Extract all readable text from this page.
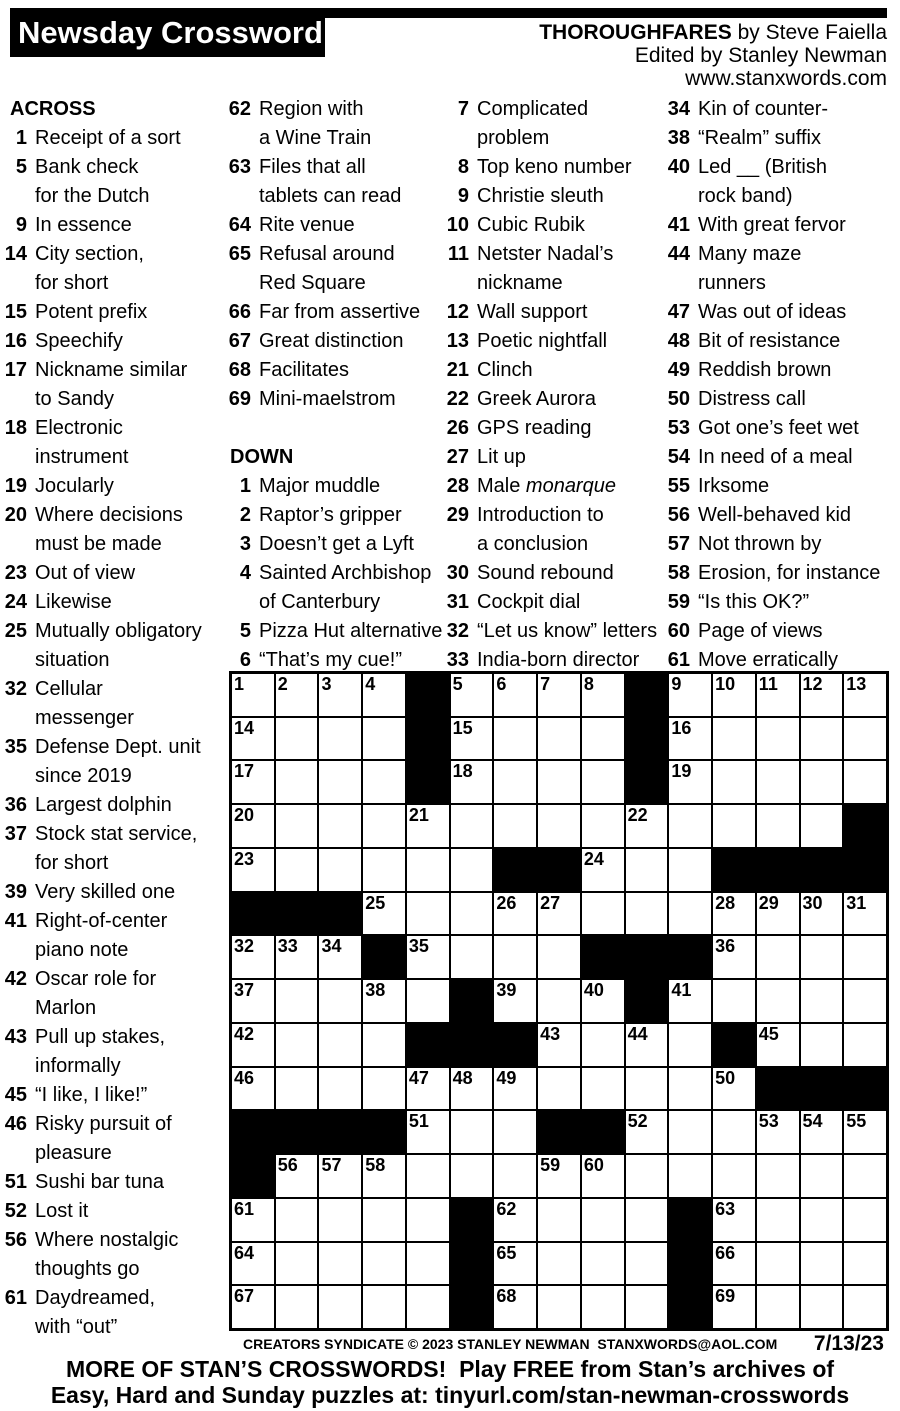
Newsday Crossword	THOROUGHFARES by Steve Faiella
Edited by Stanley Newman
www.stanxwords.com
ACROSS
1 Receipt of a sort
5 Bank check
for the Dutch
9 In essence
14 City section,
for short
15 Potent prefix
16 Speechify
17 Nickname similar
to Sandy
18 Electronic
instrument
19 Jocularly
20 Where decisions
must be made
23 Out of view
24 Likewise
25 Mutually obligatory
situation
32 Cellular
messenger
35 Defense Dept. unit
since 2019
36 Largest dolphin
37 Stock stat service,
for short
39 Very skilled one
41 Right-of-center
piano note
42 Oscar role for
Marlon
43 Pull up stakes,
informally
45 “I like, I like!”
46 Risky pursuit of
pleasure
51 Sushi bar tuna
52 Lost it
56 Where nostalgic
thoughts go
61 Daydreamed,
with “out”
62 Region with
a Wine Train
63 Files that all
tablets can read
64 Rite venue
65 Refusal around
Red Square
66 Far from assertive
67 Great distinction
68 Facilitates
69 Mini-maelstrom
DOWN
1 Major muddle
2 Raptor’s gripper
3 Doesn’t get a Lyft
4 Sainted Archbishop
of Canterbury
5 Pizza Hut alternative
6 “That’s my cue!”
7 Complicated
problem
8 Top keno number
9 Christie sleuth
10 Cubic Rubik
11 Netster Nadal’s
nickname
12 Wall support
13 Poetic nightfall
21 Clinch
22 Greek Aurora
26 GPS reading
27 Lit up
28 Male monarque
29 Introduction to
a conclusion
30 Sound rebound
31 Cockpit dial
32 “Let us know” letters
33 India-born director
34 Kin of counter-
38 “Realm” suffix
40 Led __ (British
rock band)
41 With great fervor
44 Many maze
runners
47 Was out of ideas
48 Bit of resistance
49 Reddish brown
50 Distress call
53 Got one’s feet wet
54 In need of a meal
55 Irksome
56 Well-behaved kid
57 Not thrown by
58 Erosion, for instance
59 “Is this OK?”
60 Page of views
61 Move erratically
1 2 3 4	5 6 7 8	9 10 11 12 13
14	15	16
17	18	19
20	21	22
23	24
25	26 27	28 29 30 31
32 33 34	35	36
37	38	39	40	41
42	43	44	45
46	47 48 49	50
51	52	53 54 55
56 57 58	59 60
61	62	63
64	65	66
67	68	69
CREATORS SYNDICATE © 2023 STANLEY NEWMAN  STANXWORDS@AOL.COM 7/13/23
MORE OF STAN’S CROSSWORDS!  Play FREE from Stan’s archives of
Easy, Hard and Sunday puzzles at: tinyurl.com/stan-newman-crosswords
